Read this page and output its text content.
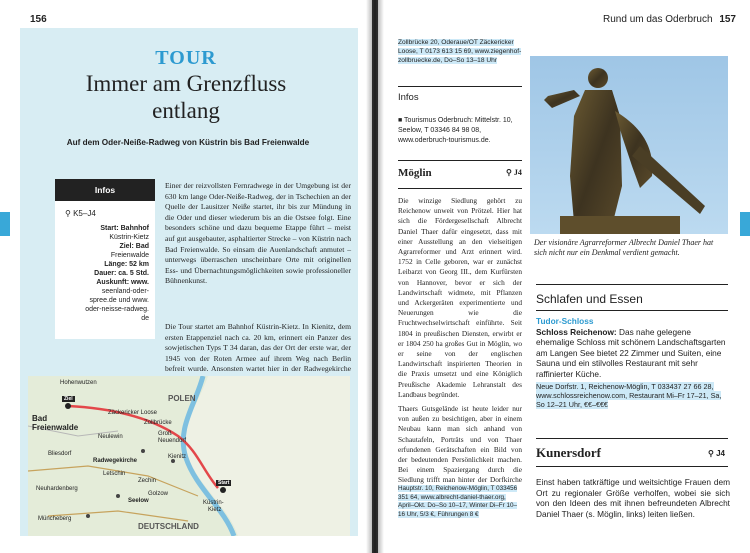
156
TOUR
Immer am Grenzfluss
entlang
Auf dem Oder-Neiße-Radweg von Küstrin bis Bad Freienwalde
Infos
⚲ K5–J4

Start: Bahnhof

Küstrin-Kietz

Ziel: Bad

Freienwalde

Länge: 52 km

Dauer: ca. 5 Std.

Auskunft: www.

seenland-oder-

spree.de und www.

oder-neisse-radweg.

de

Einer der reizvollsten Fernradwege in der Umgebung ist der 630 km lange Oder-Neiße-Radweg, der in Tschechien an der Quelle der Lausitzer Neiße startet, ihr bis zur Mündung in die Oder und dieser wiederum bis an die Ostsee folgt. Eine besonders schöne und dazu bequeme Etappe führt – meist auf gut ausgebauter, asphaltierter Strecke – von Küstrin nach Bad Freienwalde. So einsam die Auenlandschaft anmutet – unterwegs überraschen unscheinbare Orte mit originellen Ess- und Übernachtungsmöglichkeiten sowie professioneller Bühnenkunst.

Die Tour startet am Bahnhof Küstrin-Kietz. In Kienitz, dem ersten Etappenziel nach ca. 20 km, erinnert ein Panzer des sowjetischen Typs T 34 daran, das der Ort der erste war, der 1945 von der Roten Armee auf ihrem Weg nach Berlin befreit wurde. Ansonsten wartet hier in der Radwegekirche

Hohenwutzen
POLEN
Bad
Freienwalde
Zäckericker Loose
Zollbrücke
Groß
Neuendorf
Neulewin
Bliesdorf
Radwegekirche
Kienitz
Letschin
Neuhardenberg
Zechin
Golzow
Seelow	Küstrin-
Kietz
Müncheberg
DEUTSCHLAND
Start
Ziel
Rund um das Oderbruch 157
Zollbrücke 20, Oderaue/OT Zäckericker Loose, T 0173 613 15 69, www.ziegenhof-zollbruecke.de, Do–So 13–18 Uhr
Infos
■ Tourismus Oderbruch: Mittelstr. 10, Seelow, T 03346 84 98 08, www.oderbruch-tourismus.de.
Möglin	⚲ J4

Die winzige Siedlung gehört zu Reichenow unweit von Prötzel. Hier hat sich die Fördergesellschaft Albrecht Daniel Thaer dafür eingesetzt, dass mit einer Ausstellung an den vielseitigen Agrarreformer und Arzt erinnert wird. 1752 in Celle geboren, war er zunächst Leibarzt von Georg III., dem Kurfürsten von Hannover, bevor er sich der Landwirtschaft widmete, mit Pflanzen und Ackergeräten experimentierte und Neuerungen wie die Fruchtwechselwirtschaft einführte. Seit 1804 in preußischen Diensten, erwirbt er er 1804 250 ha großes Gut in Möglin, wo er seine von der englischen Landwirtschaft inspirierten Theorien in die Praxis umsetzt und eine Königlich Preußische Akademie Lehranstalt des Landbaus begründet.

Thaers Gutsgelände ist heute leider nur von außen zu besichtigen, aber in einem Neubau kann man sich anhand von Schautafeln, Porträts und von Thaer erfundenen Gerätschaften ein Bild von der bedeutenden Persönlichkeit machen. Bei einem Spaziergang durch die Siedlung trifft man hinter der Dorfkirche

Hauptstr. 10, Reichenow-Möglin, T 033456 351 64, www.albrecht-daniel-thaer.org, April–Okt. Do–So 10–17, Winter Di–Fr 10–16 Uhr, 5/3 €, Führungen 8 €
Der visionäre Agrarreformer Albrecht Daniel Thaer hat sich nicht nur ein Denkmal verdient gemacht.
Schlafen und Essen
Tudor-Schloss
Schloss Reichenow: Das nahe gelegene ehemalige Schloss mit schönem Landschaftsgarten am Langen See bietet 22 Zimmer und Suiten, eine Sauna und ein stilvolles Restaurant mit sehr raffinierter Küche.
Neue Dorfstr. 1, Reichenow-Möglin, T 033437 27 66 28, www.schlossreichenow.com, Restaurant Mi–Fr 17–21, Sa, So 12–21 Uhr, €€–€€€
Kunersdorf	⚲ J4
Einst haben tatkräftige und weitsichtige Frauen dem Ort zu regionaler Größe verholfen, wobei sie sich von den Ideen des mit ihnen befreundeten Albrecht Daniel Thaer (s. Möglin, links) leiten ließen.
